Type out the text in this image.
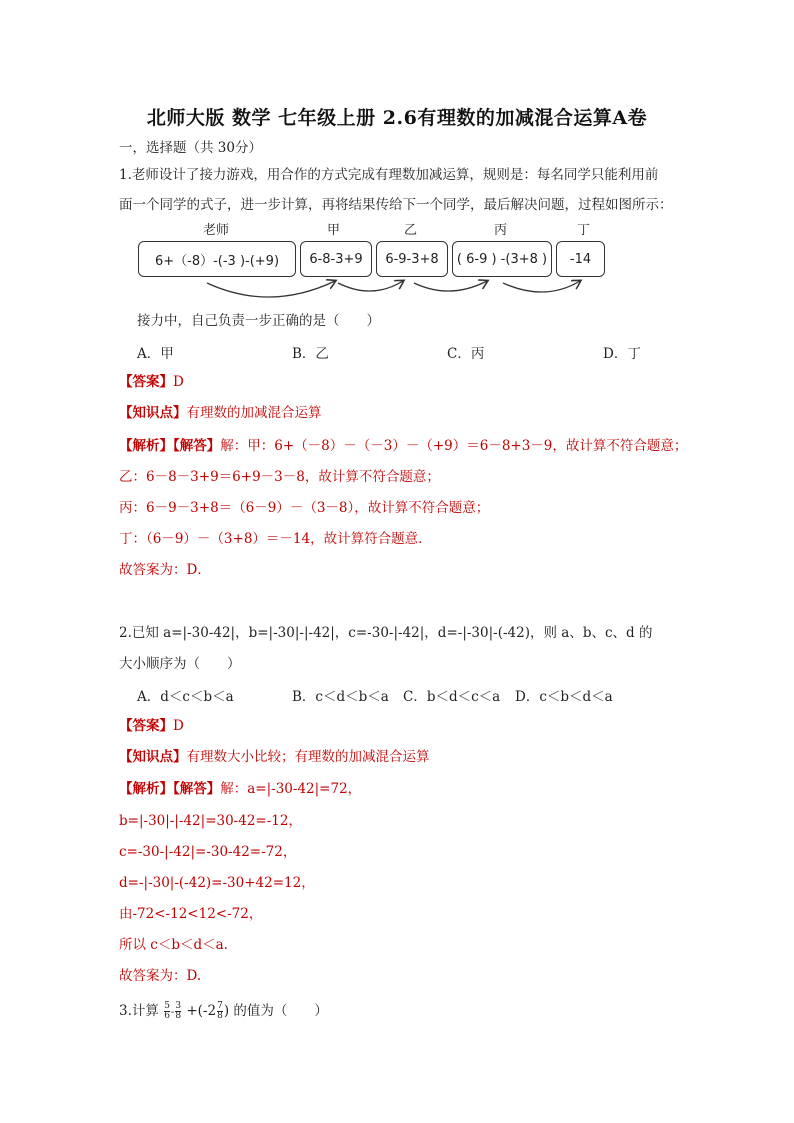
北师大版 数学 七年级上册 2.6有理数的加减混合运算A卷
一，选择题（共 30分）
1.老师设计了接力游戏，用合作的方式完成有理数加减运算，规则是：每名同学只能利用前
面一个同学的式子，进一步计算，再将结果传给下一个同学，最后解决问题，过程如图所示：
老师	甲	乙	丙	丁
6+（-8）-(-3 )-(+9)	6-8-3+9	6-9-3+8	( 6-9 ) -(3+8 )	-14
接力中，自己负责一步正确的是（　　）
A．甲	B．乙	C．丙	D．丁
【答案】D
【知识点】有理数的加减混合运算
【解析】【解答】解：甲：6+（－8）－（－3）－（+9）＝6－8+3－9，故计算不符合题意；
乙：6－8－3+9＝6+9－3－8，故计算不符合题意；
丙：6－9－3+8＝（6－9）－（3－8），故计算不符合题意；
丁：（6－9）－（3+8）＝－14，故计算符合题意．
故答案为：D．
2.已知 a=|-30-42|，b=|-30|-|-42|，c=-30-|-42|，d=-|-30|-(-42)，则 a、b、c、d 的
大小顺序为（　　）
A．d＜c＜b＜a	B．c＜d＜b＜a C．b＜d＜c＜a D．c＜b＜d＜a
【答案】D
【知识点】有理数大小比较；有理数的加减混合运算
【解析】【解答】解：a=|-30-42|=72，
b=|-30|-|-42|=30-42=-12，
c=-30-|-42|=-30-42=-72，
d=-|-30|-(-42)=-30+42=12，
由-72<-12<12<-72，
所以 c＜b＜d＜a.
故答案为：D.
3.计算 $\frac{5}{6} - \frac{3}{8} +(-2 \frac{7}{8}$ ) 的值为（　　）
